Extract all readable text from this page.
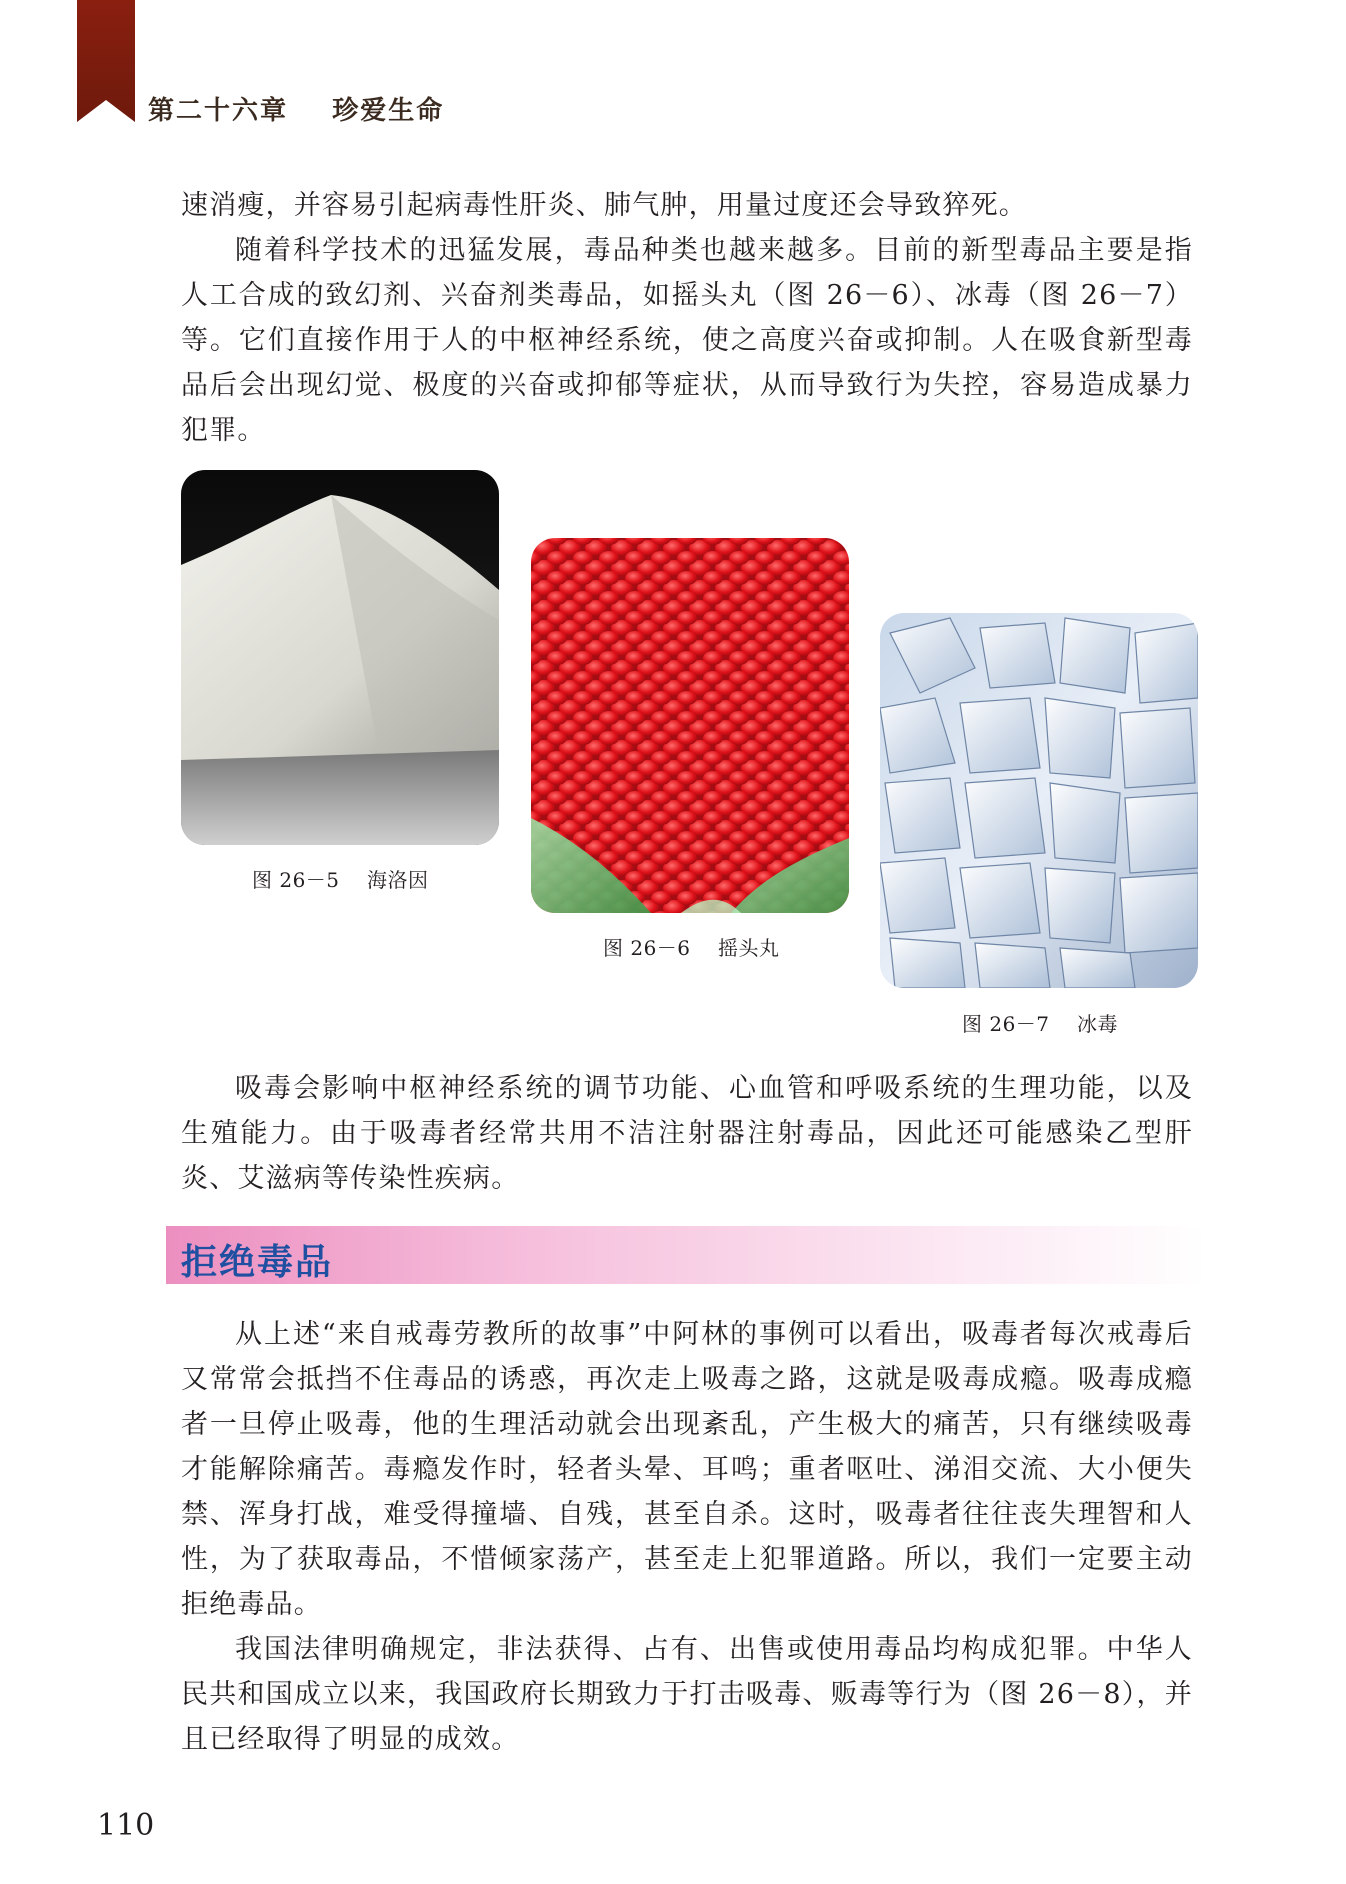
第二十六章    珍爱生命

速消瘦，并容易引起病毒性肝炎、肺气肿，用量过度还会导致猝死。

随着科学技术的迅猛发展，毒品种类也越来越多。目前的新型毒品主要是指人工合成的致幻剂、兴奋剂类毒品，如摇头丸（图 26－6）、冰毒（图 26－7）等。它们直接作用于人的中枢神经系统，使之高度兴奋或抑制。人在吸食新型毒品后会出现幻觉、极度的兴奋或抑郁等症状，从而导致行为失控，容易造成暴力犯罪。

图 26－5    海洛因
图 26－6    摇头丸
图 26－7    冰毒

吸毒会影响中枢神经系统的调节功能、心血管和呼吸系统的生理功能，以及生殖能力。由于吸毒者经常共用不洁注射器注射毒品，因此还可能感染乙型肝炎、艾滋病等传染性疾病。

拒绝毒品

从上述“来自戒毒劳教所的故事”中阿林的事例可以看出，吸毒者每次戒毒后又常常会抵挡不住毒品的诱惑，再次走上吸毒之路，这就是吸毒成瘾。吸毒成瘾者一旦停止吸毒，他的生理活动就会出现紊乱，产生极大的痛苦，只有继续吸毒才能解除痛苦。毒瘾发作时，轻者头晕、耳鸣；重者呕吐、涕泪交流、大小便失禁、浑身打战，难受得撞墙、自残，甚至自杀。这时，吸毒者往往丧失理智和人性，为了获取毒品，不惜倾家荡产，甚至走上犯罪道路。所以，我们一定要主动拒绝毒品。

我国法律明确规定，非法获得、占有、出售或使用毒品均构成犯罪。中华人民共和国成立以来，我国政府长期致力于打击吸毒、贩毒等行为（图 26－8），并且已经取得了明显的成效。

110
